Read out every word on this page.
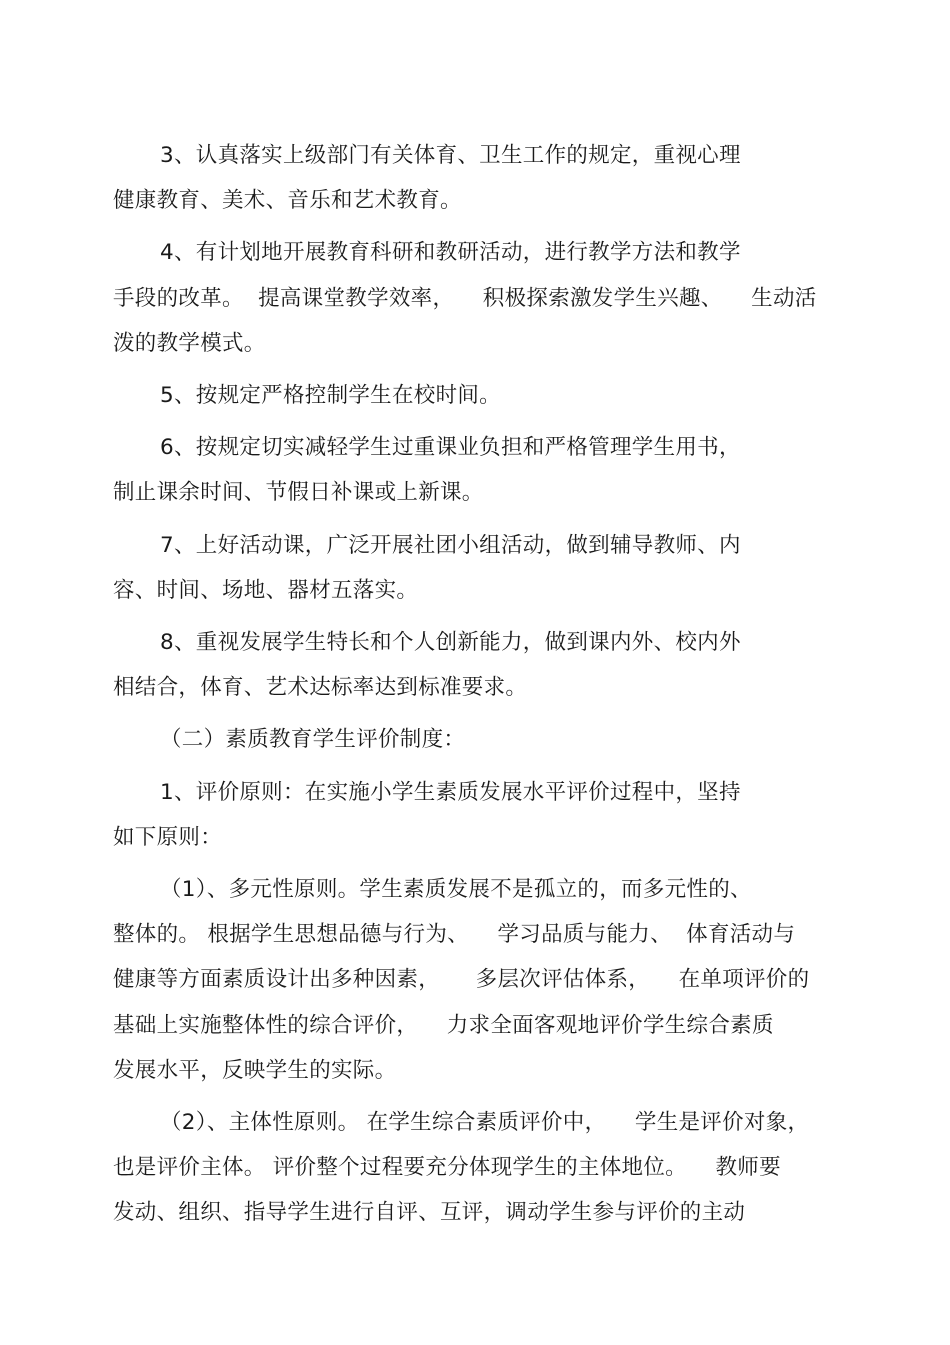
3、认真落实上级部门有关体育、卫生工作的规定，重视心理
健康教育、美术、音乐和艺术教育。
4、有计划地开展教育科研和教研活动，进行教学方法和教学
手段的改革。  提高课堂教学效率，    积极探索激发学生兴趣、    生动活
泼的教学模式。
5、按规定严格控制学生在校时间。
6、按规定切实减轻学生过重课业负担和严格管理学生用书，
制止课余时间、节假日补课或上新课。
7、上好活动课，广泛开展社团小组活动，做到辅导教师、内
容、时间、场地、器材五落实。
8、重视发展学生特长和个人创新能力，做到课内外、校内外
相结合，体育、艺术达标率达到标准要求。
（二）素质教育学生评价制度：
1、评价原则：在实施小学生素质发展水平评价过程中，坚持
如下原则：
（1）、多元性原则。学生素质发展不是孤立的，而多元性的、
整体的。 根据学生思想品德与行为、    学习品质与能力、  体育活动与
健康等方面素质设计出多种因素，     多层次评估体系，    在单项评价的
基础上实施整体性的综合评价，    力求全面客观地评价学生综合素质
发展水平，反映学生的实际。
（2）、主体性原则。 在学生综合素质评价中，    学生是评价对象，
也是评价主体。 评价整个过程要充分体现学生的主体地位。    教师要
发动、组织、指导学生进行自评、互评，调动学生参与评价的主动
